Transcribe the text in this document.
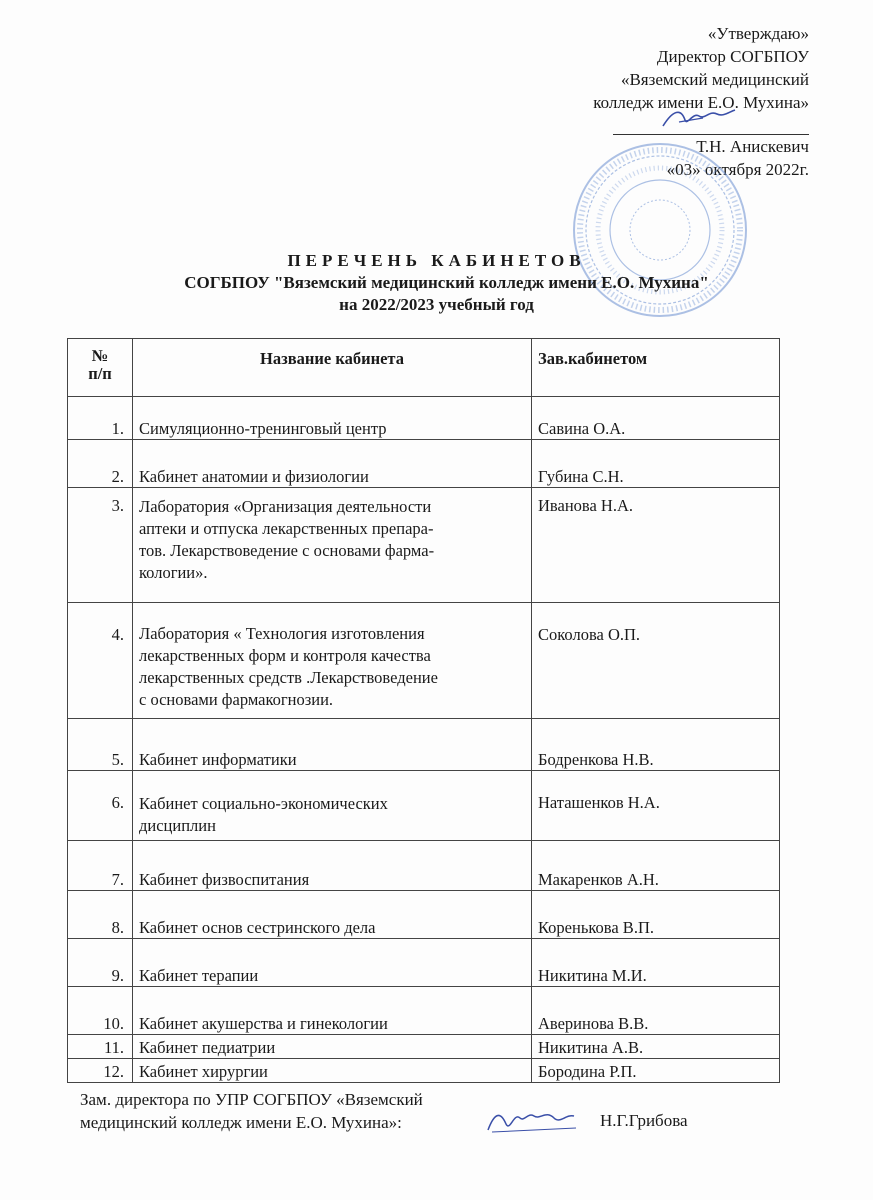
«Утверждаю»
Директор СОГБПОУ
«Вяземский медицинский
колледж имени Е.О. Мухина»
Т.Н. Анискевич
«03» октября 2022г.
ПЕРЕЧЕНЬ КАБИНЕТОВ
СОГБПОУ "Вяземский медицинский колледж имени Е.О. Мухина"
на 2022/2023 учебный год
№
п/п	Название кабинета	Зав.кабинетом
1.	Симуляционно-тренинговый центр	Савина О.А.
2.	Кабинет анатомии и физиологии	Губина С.Н.
3.	Лаборатория «Организация деятельности
аптеки и отпуска лекарственных препара-
тов. Лекарствоведение с основами фарма-
кологии».	Иванова Н.А.
4.	Лаборатория « Технология изготовления
лекарственных форм и контроля качества
лекарственных средств .Лекарствоведение
с основами фармакогнозии.	Соколова О.П.
5.	Кабинет информатики	Бодренкова Н.В.
6.	Кабинет социально-экономических
дисциплин	Наташенков Н.А.
7.	Кабинет физвоспитания	Макаренков А.Н.
8.	Кабинет основ сестринского дела	Коренькова В.П.
9.	Кабинет терапии	Никитина М.И.
10.	Кабинет акушерства и гинекологии	Аверинова В.В.
11.	Кабинет педиатрии	Никитина А.В.
12.	Кабинет хирургии	Бородина Р.П.
Зам. директора по УПР СОГБПОУ «Вяземский
медицинский колледж имени Е.О. Мухина»:	Н.Г.Грибова
